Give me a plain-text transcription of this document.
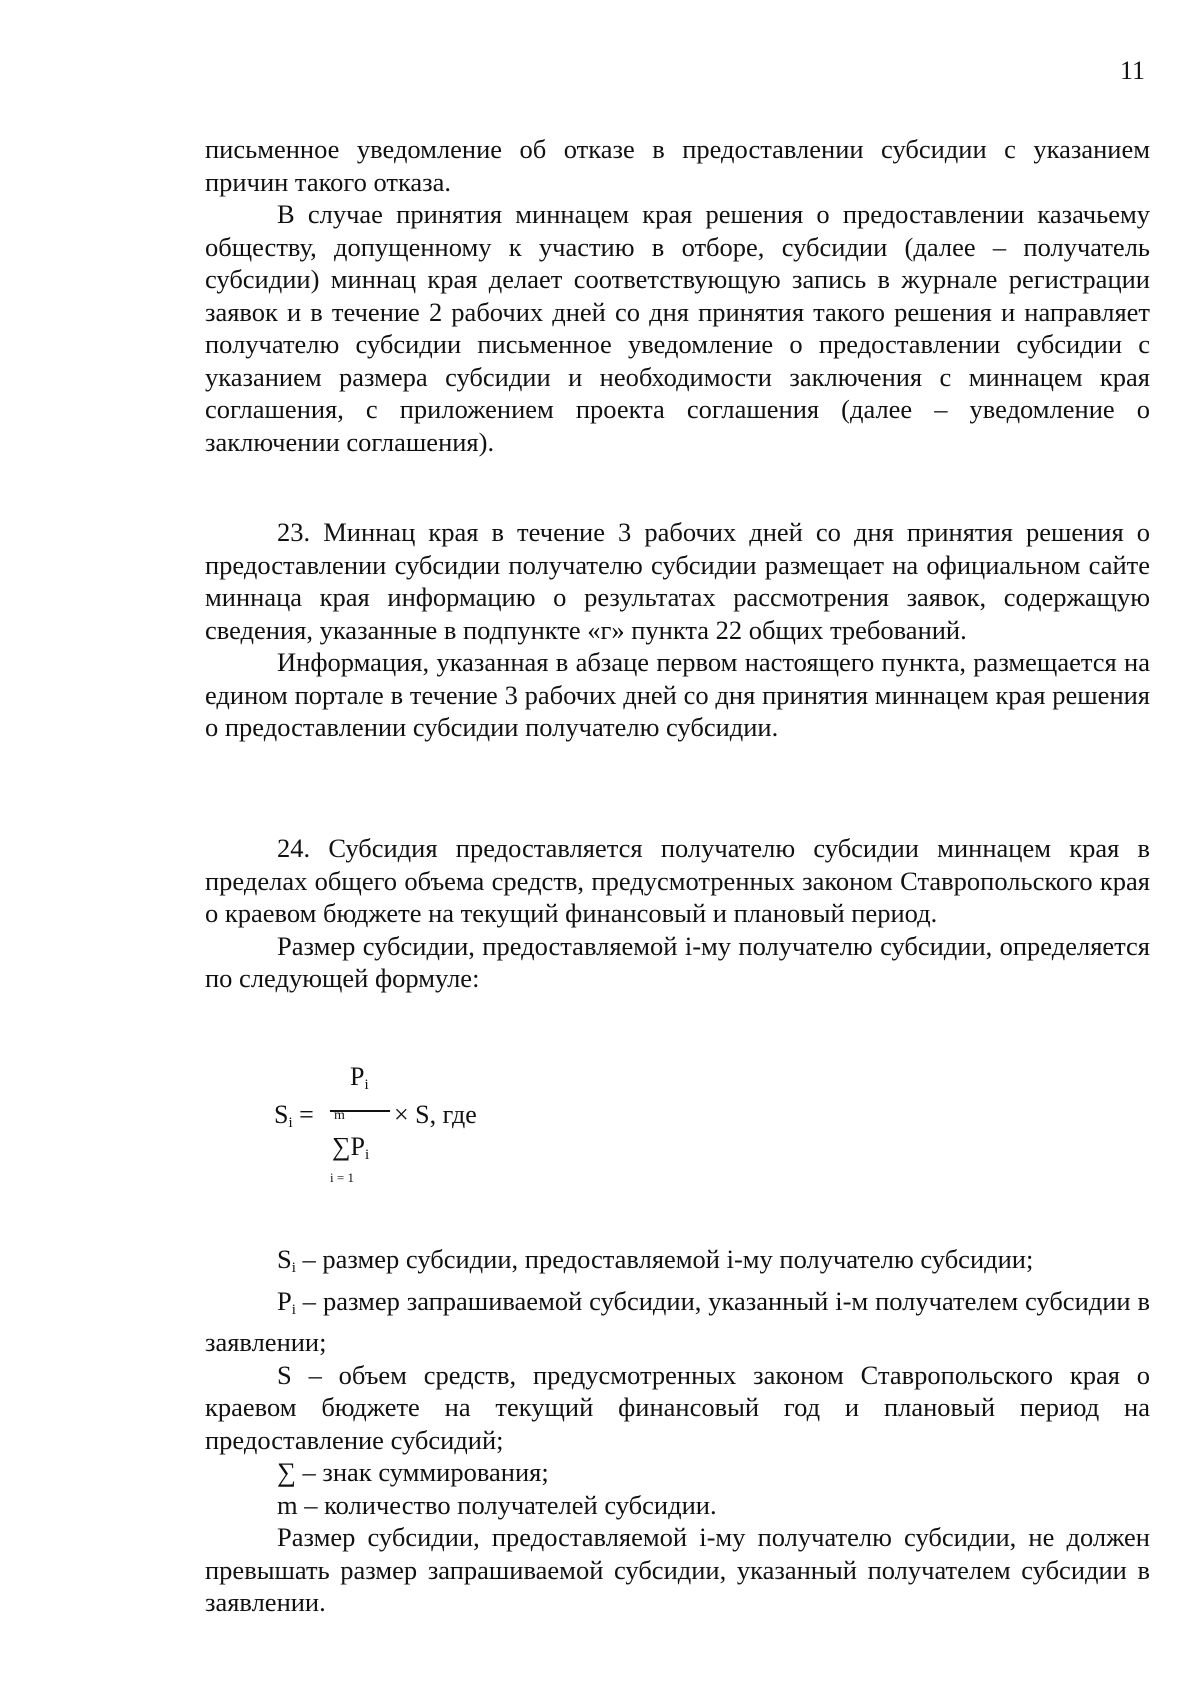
11

письменное уведомление об отказе в предоставлении субсидии с указанием причин такого отказа.

В случае принятия миннацем края решения о предоставлении казачьему обществу, допущенному к участию в отборе, субсидии (далее – получатель субсидии) миннац края делает соответствующую запись в журнале регистрации заявок и в течение 2 рабочих дней со дня принятия такого решения и направляет получателю субсидии письменное уведомление о предоставлении субсидии с указанием размера субсидии и необходимости заключения с миннацем края соглашения, с приложением проекта соглашения (далее – уведомление о заключении соглашения).

23. Миннац края в течение 3 рабочих дней со дня принятия решения о предоставлении субсидии получателю субсидии размещает на официальном сайте миннаца края информацию о результатах рассмотрения заявок, содержащую сведения, указанные в подпункте «г» пункта 22 общих требований.

Информация, указанная в абзаце первом настоящего пункта, размещается на едином портале в течение 3 рабочих дней со дня принятия миннацем края решения о предоставлении субсидии получателю субсидии.

24. Субсидия предоставляется получателю субсидии миннацем края в пределах общего объема средств, предусмотренных законом Ставропольского края о краевом бюджете на текущий финансовый и плановый период.

Размер субсидии, предоставляемой i-му получателю субсидии, определяется по следующей формуле:

$S_i$ =
$P_i$
m × S, где
$\sum P_i$
i = 1

$S_i$ – размер субсидии, предоставляемой i-му получателю субсидии;

$P_i$ – размер запрашиваемой субсидии, указанный i-м получателем субсидии в заявлении;

S – объем средств, предусмотренных законом Ставропольского края о краевом бюджете на текущий финансовый год и плановый период на предоставление субсидий;

∑ – знак суммирования;

m – количество получателей субсидии.

Размер субсидии, предоставляемой i-му получателю субсидии, не должен превышать размер запрашиваемой субсидии, указанный получателем субсидии в заявлении.
